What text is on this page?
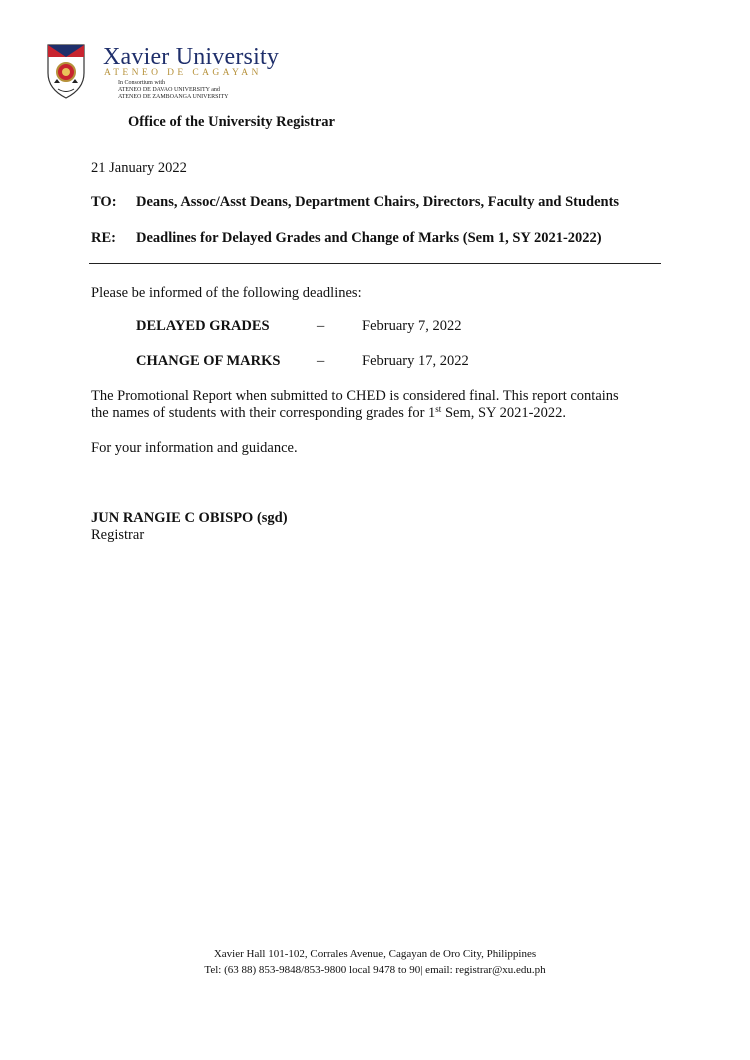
Xavier University
ATENEO DE CAGAYAN
In Consortium with
ATENEO DE DAVAO UNIVERSITY and
ATENEO DE ZAMBOANGA UNIVERSITY
Office of the University Registrar
21 January 2022
TO: Deans, Assoc/Asst Deans, Department Chairs, Directors, Faculty and Students
RE: Deadlines for Delayed Grades and Change of Marks (Sem 1, SY 2021-2022)
Please be informed of the following deadlines:
DELAYED GRADES	–	February 7, 2022
CHANGE OF MARKS	–	February 17, 2022
The Promotional Report when submitted to CHED is considered final. This report contains
the names of students with their corresponding grades for 1st Sem, SY 2021-2022.
For your information and guidance.
JUN RANGIE C OBISPO (sgd)
Registrar
Xavier Hall 101-102, Corrales Avenue, Cagayan de Oro City, Philippines
Tel: (63 88) 853-9848/853-9800 local 9478 to 90| email: registrar@xu.edu.ph
